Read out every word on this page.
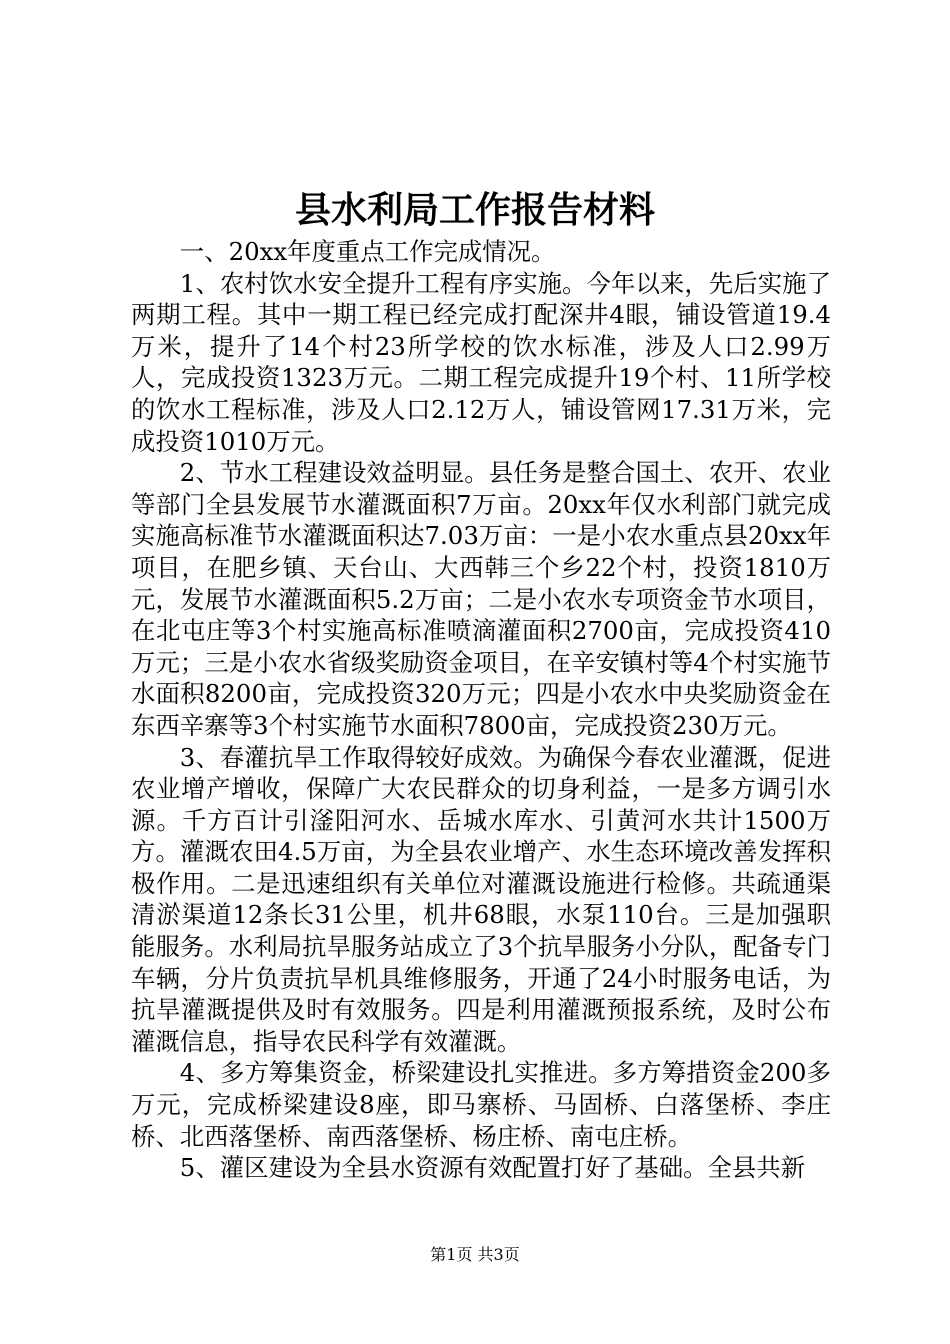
县水利局工作报告材料

一、20xx年度重点工作完成情况。

1、农村饮水安全提升工程有序实施。今年以来，先后实施了两期工程。其中一期工程已经完成打配深井4眼，铺设管道19.4万米，提升了14个村23所学校的饮水标准，涉及人口2.99万人，完成投资1323万元。二期工程完成提升19个村、11所学校的饮水工程标准，涉及人口2.12万人，铺设管网17.31万米，完成投资1010万元。

2、节水工程建设效益明显。县任务是整合国土、农开、农业等部门全县发展节水灌溉面积7万亩。20xx年仅水利部门就完成实施高标准节水灌溉面积达7.03万亩：一是小农水重点县20xx年项目，在肥乡镇、天台山、大西韩三个乡22个村，投资1810万元，发展节水灌溉面积5.2万亩；二是小农水专项资金节水项目，在北屯庄等3个村实施高标准喷滴灌面积2700亩，完成投资410万元；三是小农水省级奖励资金项目，在辛安镇村等4个村实施节水面积8200亩，完成投资320万元；四是小农水中央奖励资金在东西辛寨等3个村实施节水面积7800亩，完成投资230万元。

3、春灌抗旱工作取得较好成效。为确保今春农业灌溉，促进农业增产增收，保障广大农民群众的切身利益，一是多方调引水源。千方百计引滏阳河水、岳城水库水、引黄河水共计1500万方。灌溉农田4.5万亩，为全县农业增产、水生态环境改善发挥积极作用。二是迅速组织有关单位对灌溉设施进行检修。共疏通渠清淤渠道12条长31公里，机井68眼，水泵110台。三是加强职能服务。水利局抗旱服务站成立了3个抗旱服务小分队，配备专门车辆，分片负责抗旱机具维修服务，开通了24小时服务电话，为抗旱灌溉提供及时有效服务。四是利用灌溉预报系统，及时公布灌溉信息，指导农民科学有效灌溉。

4、多方筹集资金，桥梁建设扎实推进。多方筹措资金200多万元，完成桥梁建设8座，即马寨桥、马固桥、白落堡桥、李庄桥、北西落堡桥、南西落堡桥、杨庄桥、南屯庄桥。

5、灌区建设为全县水资源有效配置打好了基础。全县共新

第1页 共3页
